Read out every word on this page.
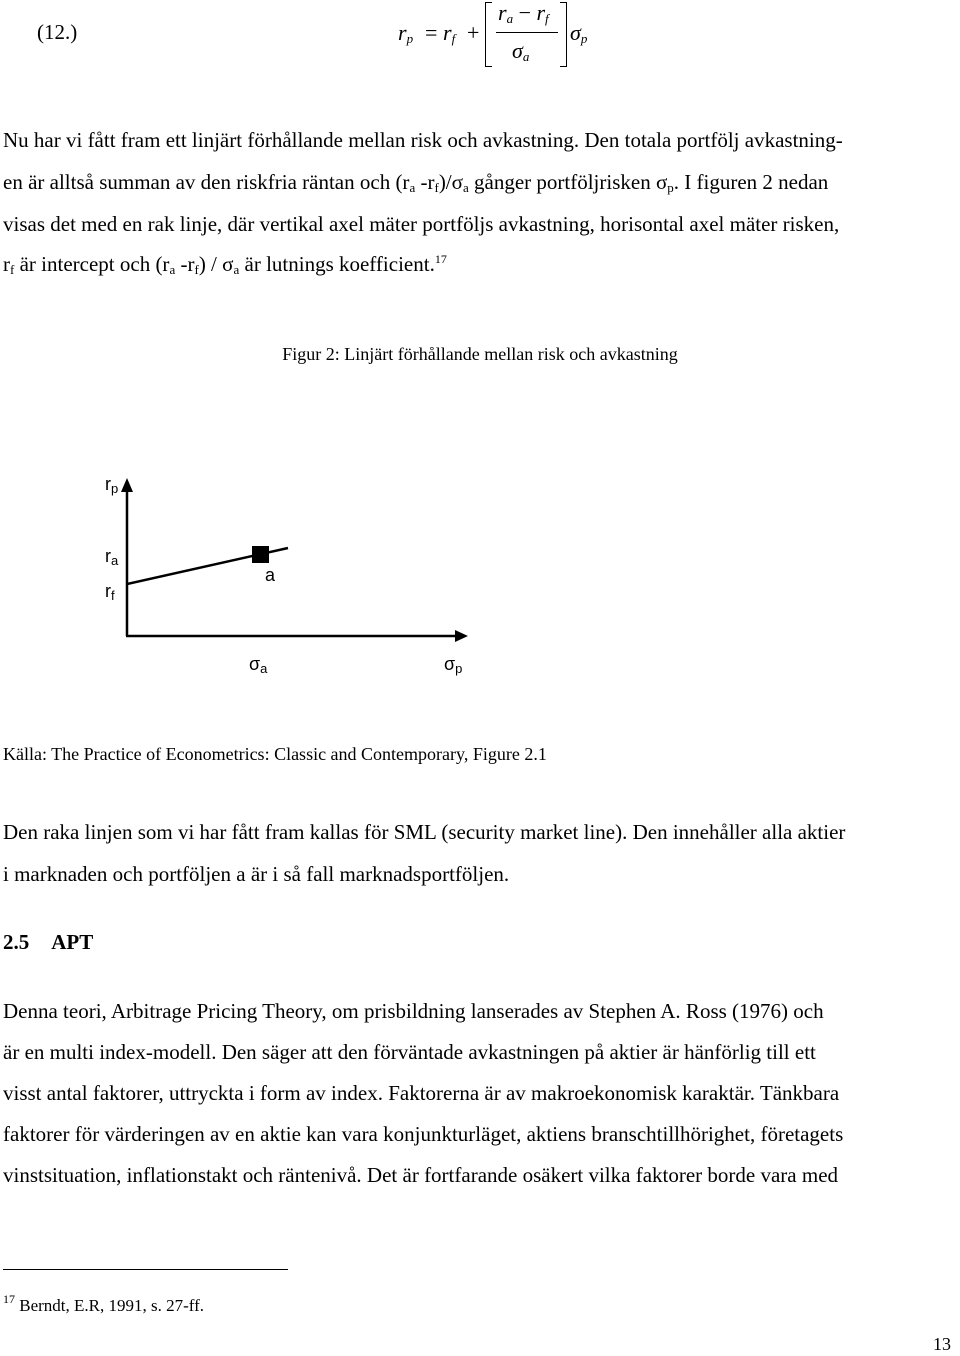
(12.)	$r_p = r_f$ +
$r_a - r_f$
$\sigma_a$
$\sigma_p$
Nu har vi fått fram ett linjärt förhållande mellan risk och avkastning. Den totala portfölj avkastning-
en är alltså summan av den riskfria räntan och ($r_a$ $-r_f)/\sigma_a$ gånger portföljrisken $\sigma_p$. I figuren 2 nedan
visas det med en rak linje, där vertikal axel mäter portföljs avkastning, horisontal axel mäter risken,
$r_f$ är intercept och ($r_a$ $-r_f) / \sigma_a$ är lutnings koefficient.$^{17}$
Figur 2: Linjärt förhållande mellan risk och avkastning
$r_p$
$r_a$
$r_f$
a
$\sigma_a$	$\sigma_p$
Källa: The Practice of Econometrics: Classic and Contemporary, Figure 2.1
Den raka linjen som vi har fått fram kallas för SML (security market line). Den innehåller alla aktier
i marknaden och portföljen a är i så fall marknadsportföljen.
2.5 APT
Denna teori, Arbitrage Pricing Theory, om prisbildning lanserades av Stephen A. Ross (1976) och
är en multi index-modell. Den säger att den förväntade avkastningen på aktier är hänförlig till ett
visst antal faktorer, uttryckta i form av index. Faktorerna är av makroekonomisk karaktär. Tänkbara
faktorer för värderingen av en aktie kan vara konjunkturläget, aktiens branschtillhörighet, företagets
vinstsituation, inflationstakt och räntenivå. Det är fortfarande osäkert vilka faktorer borde vara med
$^{17}$ Berndt, E.R, 1991, s. 27-ff.
13
